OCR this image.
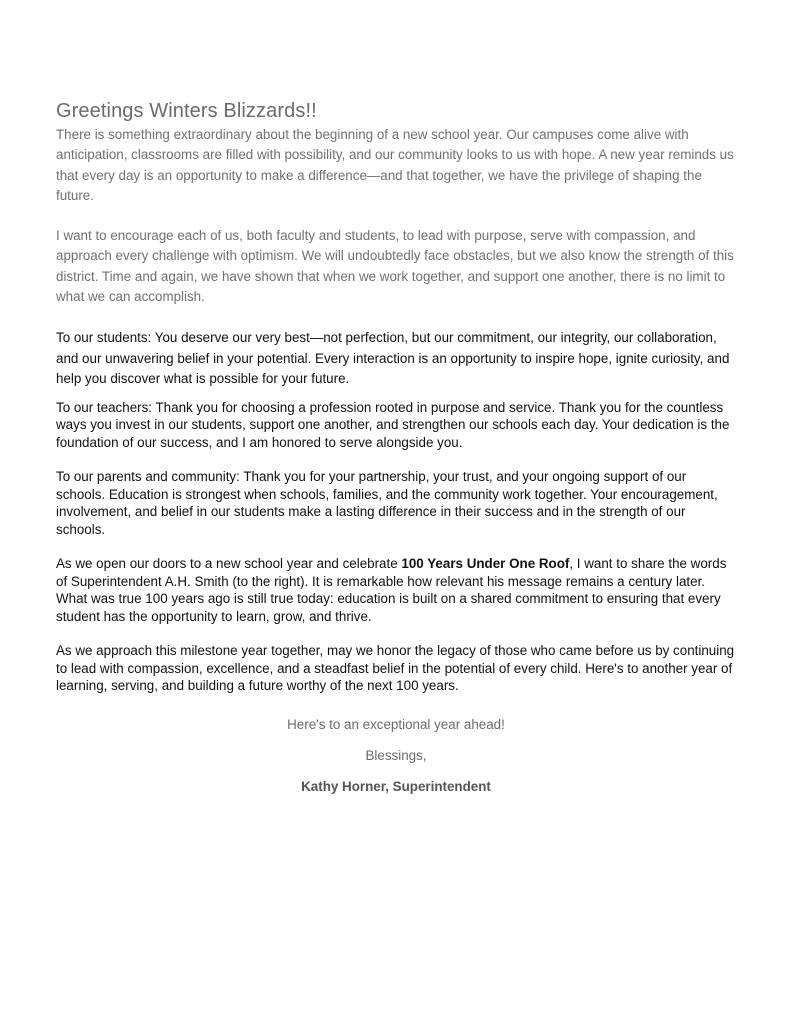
Greetings Winters Blizzards!!

There is something extraordinary about the beginning of a new school year. Our campuses come alive with anticipation, classrooms are filled with possibility, and our community looks to us with hope. A new year reminds us that every day is an opportunity to make a difference—and that together, we have the privilege of shaping the future.

I want to encourage each of us, both faculty and students, to lead with purpose, serve with compassion, and approach every challenge with optimism. We will undoubtedly face obstacles, but we also know the strength of this district. Time and again, we have shown that when we work together, and support one another, there is no limit to what we can accomplish.

To our students: You deserve our very best—not perfection, but our commitment, our integrity, our collaboration, and our unwavering belief in your potential. Every interaction is an opportunity to inspire hope, ignite curiosity, and help you discover what is possible for your future.

To our teachers: Thank you for choosing a profession rooted in purpose and service. Thank you for the countless ways you invest in our students, support one another, and strengthen our schools each day. Your dedication is the foundation of our success, and I am honored to serve alongside you.

To our parents and community: Thank you for your partnership, your trust, and your ongoing support of our schools. Education is strongest when schools, families, and the community work together. Your encouragement, involvement, and belief in our students make a lasting difference in their success and in the strength of our schools.

As we open our doors to a new school year and celebrate 100 Years Under One Roof, I want to share the words of Superintendent A.H. Smith (to the right). It is remarkable how relevant his message remains a century later. What was true 100 years ago is still true today: education is built on a shared commitment to ensuring that every student has the opportunity to learn, grow, and thrive.

As we approach this milestone year together, may we honor the legacy of those who came before us by continuing to lead with compassion, excellence, and a steadfast belief in the potential of every child. Here's to another year of learning, serving, and building a future worthy of the next 100 years.

Here's to an exceptional year ahead!

Blessings,

Kathy Horner, Superintendent
